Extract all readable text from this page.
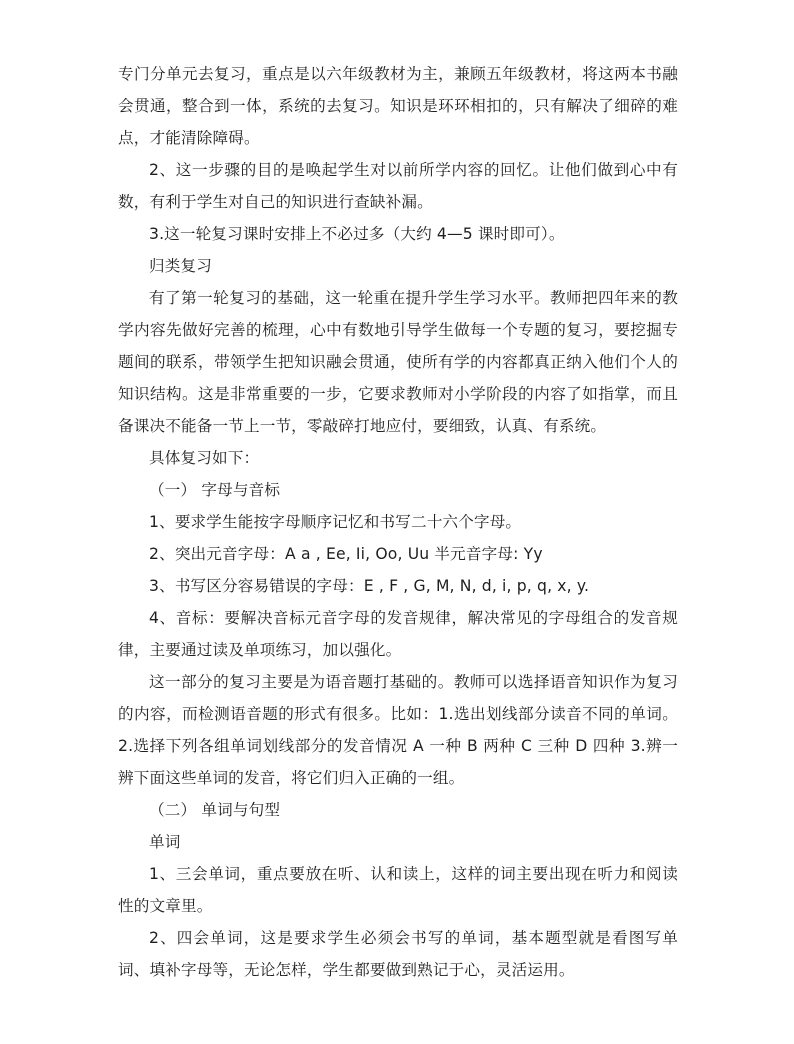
专门分单元去复习，重点是以六年级教材为主，兼顾五年级教材，将这两本书融会贯通，整合到一体，系统的去复习。知识是环环相扣的，只有解决了细碎的难点，才能清除障碍。

2、这一步骤的目的是唤起学生对以前所学内容的回忆。让他们做到心中有数，有利于学生对自己的知识进行查缺补漏。

3.这一轮复习课时安排上不必过多（大约 4—5 课时即可）。

归类复习

有了第一轮复习的基础，这一轮重在提升学生学习水平。教师把四年来的教学内容先做好完善的梳理，心中有数地引导学生做每一个专题的复习，要挖掘专题间的联系，带领学生把知识融会贯通，使所有学的内容都真正纳入他们个人的知识结构。这是非常重要的一步，它要求教师对小学阶段的内容了如指掌，而且备课决不能备一节上一节，零敲碎打地应付，要细致，认真、有系统。

具体复习如下：

（一） 字母与音标

1、要求学生能按字母顺序记忆和书写二十六个字母。

2、突出元音字母：A a , Ee, Ii, Oo, Uu 半元音字母: Yy

3、书写区分容易错误的字母：E , F , G, M, N, d, i, p, q, x, y.

4、音标：要解决音标元音字母的发音规律，解决常见的字母组合的发音规律，主要通过读及单项练习，加以强化。

这一部分的复习主要是为语音题打基础的。教师可以选择语音知识作为复习的内容，而检测语音题的形式有很多。比如：1.选出划线部分读音不同的单词。2.选择下列各组单词划线部分的发音情况 A 一种 B 两种 C 三种 D 四种 3.辨一辨下面这些单词的发音，将它们归入正确的一组。

（二） 单词与句型

单词

1、三会单词，重点要放在听、认和读上，这样的词主要出现在听力和阅读性的文章里。

2、四会单词，这是要求学生必须会书写的单词，基本题型就是看图写单词、填补字母等，无论怎样，学生都要做到熟记于心，灵活运用。
